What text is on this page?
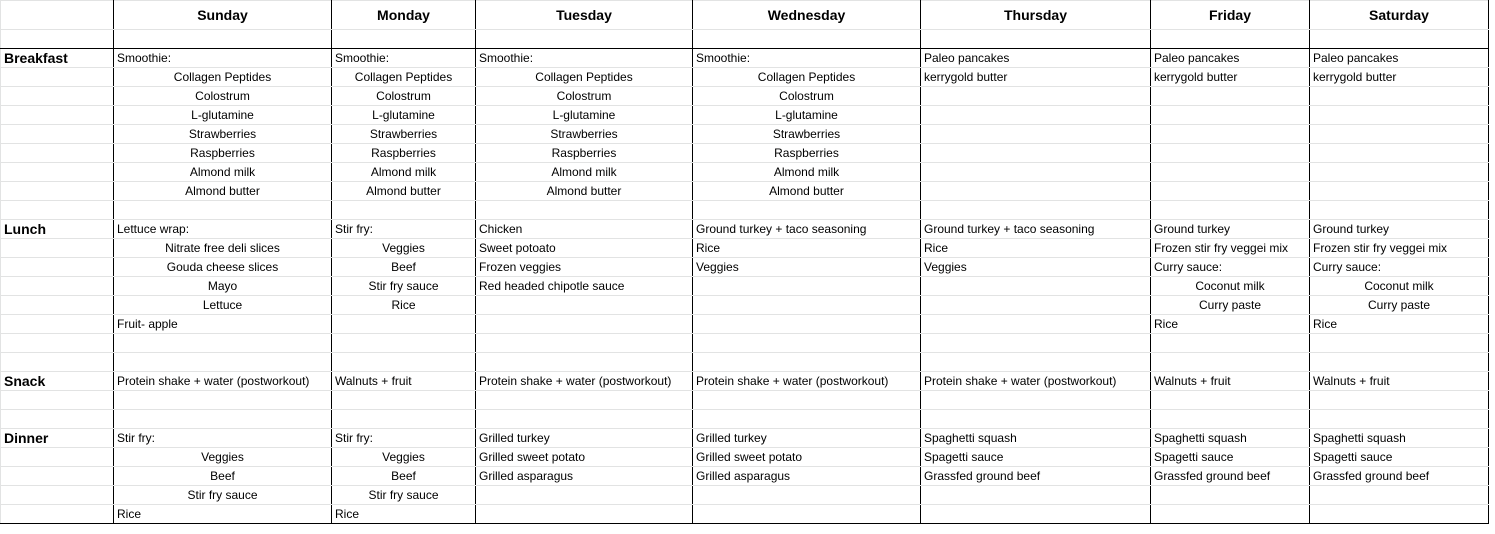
	Sunday	Monday	Tuesday	Wednesday	Thursday	Friday	Saturday

Breakfast	Smoothie:	Smoothie:	Smoothie:	Smoothie:	Paleo pancakes	Paleo pancakes	Paleo pancakes
	Collagen Peptides	Collagen Peptides	Collagen Peptides	Collagen Peptides	kerrygold butter	kerrygold butter	kerrygold butter
	Colostrum	Colostrum	Colostrum	Colostrum			
	L-glutamine	L-glutamine	L-glutamine	L-glutamine			
	Strawberries	Strawberries	Strawberries	Strawberries			
	Raspberries	Raspberries	Raspberries	Raspberries			
	Almond milk	Almond milk	Almond milk	Almond milk			
	Almond butter	Almond butter	Almond butter	Almond butter			

Lunch	Lettuce wrap:	Stir fry:	Chicken	Ground turkey + taco seasoning	Ground turkey + taco seasoning	Ground turkey	Ground turkey
	Nitrate free deli slices	Veggies	Sweet potoato	Rice	Rice	Frozen stir fry veggei mix	Frozen stir fry veggei mix
	Gouda cheese slices	Beef	Frozen veggies	Veggies	Veggies	Curry sauce:	Curry sauce:
	Mayo	Stir fry sauce	Red headed chipotle sauce			Coconut milk	Coconut milk
	Lettuce	Rice				Curry paste	Curry paste
	Fruit- apple					Rice	Rice

Snack	Protein shake + water (postworkout)	Walnuts + fruit	Protein shake + water (postworkout)	Protein shake + water (postworkout)	Protein shake + water (postworkout)	Walnuts + fruit	Walnuts + fruit

Dinner	Stir fry:	Stir fry:	Grilled turkey	Grilled turkey	Spaghetti squash	Spaghetti squash	Spaghetti squash
	Veggies	Veggies	Grilled sweet potato	Grilled sweet potato	Spagetti sauce	Spagetti sauce	Spagetti sauce
	Beef	Beef	Grilled asparagus	Grilled asparagus	Grassfed ground beef	Grassfed ground beef	Grassfed ground beef
	Stir fry sauce	Stir fry sauce					
	Rice	Rice					
